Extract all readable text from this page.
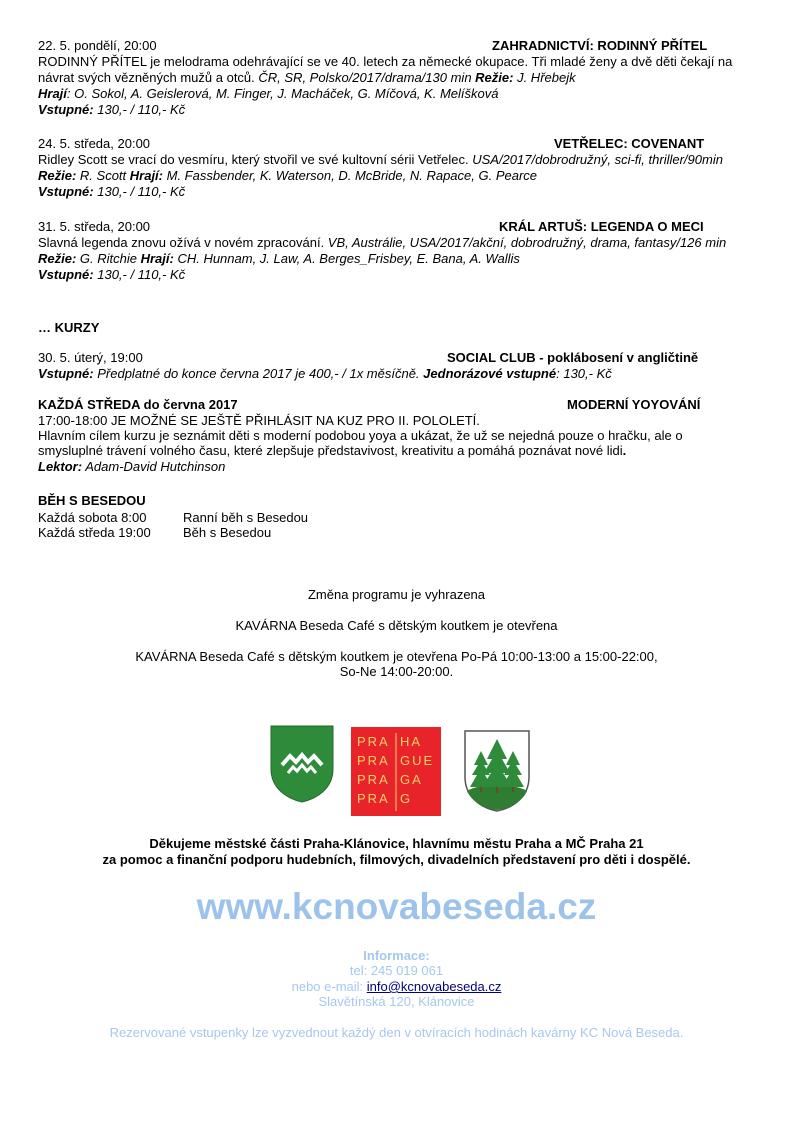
22. 5. pondělí, 20:00	ZAHRADNICTVÍ: RODINNÝ PŘÍTEL
RODINNÝ PŘÍTEL je melodrama odehrávající se ve 40. letech za německé okupace. Tři mladé ženy a dvě děti čekají na
návrat svých vězněných mužů a otců. ČR, SR, Polsko/2017/drama/130 min Režie: J. Hřebejk
Hrají: O. Sokol, A. Geislerová, M. Finger, J. Macháček, G. Míčová, K. Melíšková
Vstupné: 130,- / 110,- Kč
24. 5. středa, 20:00	VETŘELEC: COVENANT
Ridley Scott se vrací do vesmíru, který stvořil ve své kultovní sérii Vetřelec. USA/2017/dobrodružný, sci-fi, thriller/90min
Režie: R. Scott Hrají: M. Fassbender, K. Waterson, D. McBride, N. Rapace, G. Pearce
Vstupné: 130,- / 110,- Kč
31. 5. středa, 20:00	KRÁL ARTUŠ: LEGENDA O MECI
Slavná legenda znovu ožívá v novém zpracování. VB, Austrálie, USA/2017/akční, dobrodružný, drama, fantasy/126 min
Režie: G. Ritchie Hrají: CH. Hunnam, J. Law, A. Berges_Frisbey, E. Bana, A. Wallis
Vstupné: 130,- / 110,- Kč
… KURZY
30. 5. úterý, 19:00	SOCIAL CLUB - poklábosení v angličtině
Vstupné: Předplatné do konce června 2017 je 400,- / 1x měsíčně. Jednorázové vstupné: 130,- Kč
KAŽDÁ STŘEDA do června 2017	MODERNÍ YOYOVÁNÍ
17:00-18:00 JE MOŽNÉ SE JEŠTĚ PŘIHLÁSIT NA KUZ PRO II. POLOLETÍ.
Hlavním cílem kurzu je seznámit děti s moderní podobou yoya a ukázat, že už se nejedná pouze o hračku, ale o
smysluplné trávení volného času, které zlepšuje představivost, kreativitu a pomáhá poznávat nové lidi.
Lektor: Adam-David Hutchinson
BĚH S BESEDOU
Každá sobota 8:00	Ranní běh s Besedou
Každá středa 19:00 Běh s Besedou
Změna programu je vyhrazena
KAVÁRNA Beseda Café s dětským koutkem je otevřena
KAVÁRNA Beseda Café s dětským koutkem je otevřena Po-Pá 10:00-13:00 a 15:00-22:00,
So-Ne 14:00-20:00.
PRA HA
PRA GUE
PRA GA
PRA G
Děkujeme městské části Praha-Klánovice, hlavnímu městu Praha a MČ Praha 21
za pomoc a finanční podporu hudebních, filmových, divadelních představení pro děti i dospělé.
www.kcnovabeseda.cz
Informace:
tel: 245 019 061
nebo e-mail: info@kcnovabeseda.cz
Slavětínská 120, Klánovice
Rezervované vstupenky lze vyzvednout každý den v otvíracích hodinách kavárny KC Nová Beseda.
